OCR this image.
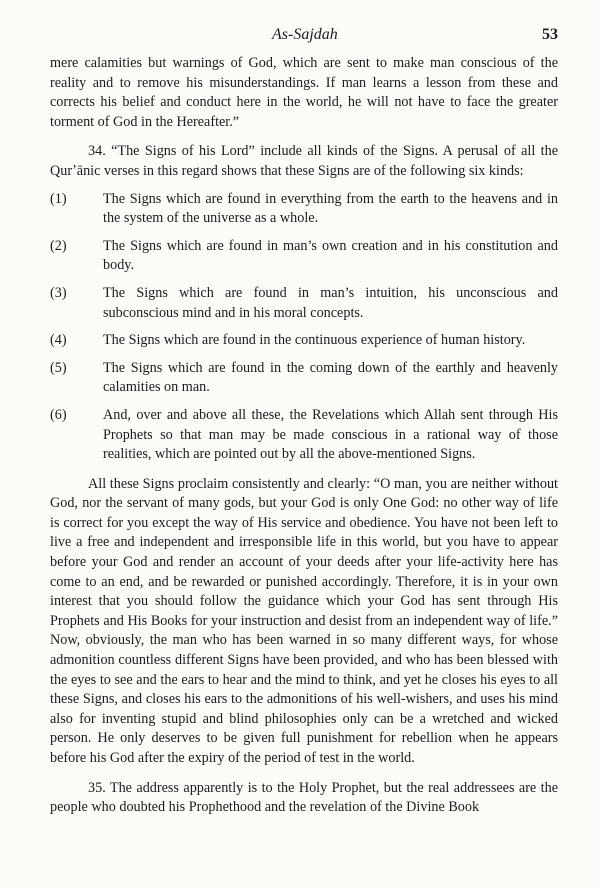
As-Sajdah	53

mere calamities but warnings of God, which are sent to make man conscious of the reality and to remove his misunderstandings. If man learns a lesson from these and corrects his belief and conduct here in the world, he will not have to face the greater torment of God in the Hereafter.”

34. “The Signs of his Lord” include all kinds of the Signs. A perusal of all the Qurʼānic verses in this regard shows that these Signs are of the following six kinds:

(1)	The Signs which are found in everything from the earth to the heavens and in the system of the universe as a whole.

(2)	The Signs which are found in man’s own creation and in his constitution and body.

(3)	The Signs which are found in man’s intuition, his unconscious and subconscious mind and in his moral concepts.

(4)	The Signs which are found in the continuous experience of human history.

(5)	The Signs which are found in the coming down of the earthly and heavenly calamities on man.

(6)	And, over and above all these, the Revelations which Allah sent through His Prophets so that man may be made conscious in a rational way of those realities, which are pointed out by all the above-mentioned Signs.

All these Signs proclaim consistently and clearly: “O man, you are neither without God, nor the servant of many gods, but your God is only One God: no other way of life is correct for you except the way of His service and obedience. You have not been left to live a free and independent and irresponsible life in this world, but you have to appear before your God and render an account of your deeds after your life-activity here has come to an end, and be rewarded or punished accordingly. Therefore, it is in your own interest that you should follow the guidance which your God has sent through His Prophets and His Books for your instruction and desist from an independent way of life.” Now, obviously, the man who has been warned in so many different ways, for whose admonition countless different Signs have been provided, and who has been blessed with the eyes to see and the ears to hear and the mind to think, and yet he closes his eyes to all these Signs, and closes his ears to the admonitions of his well-wishers, and uses his mind also for inventing stupid and blind philosophies only can be a wretched and wicked person. He only deserves to be given full punishment for rebellion when he appears before his God after the expiry of the period of test in the world.

35. The address apparently is to the Holy Prophet, but the real addressees are the people who doubted his Prophethood and the revelation of the Divine Book
